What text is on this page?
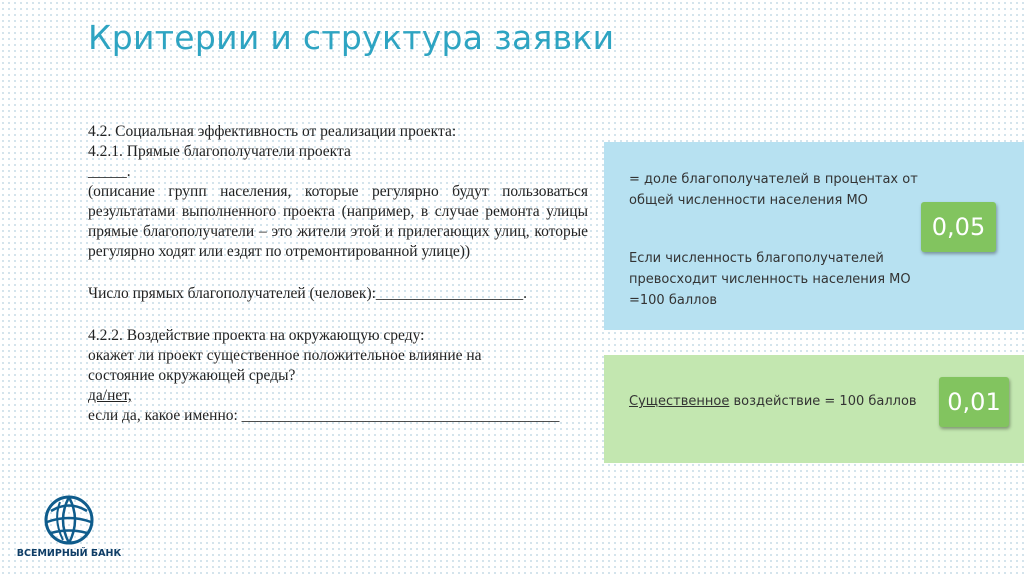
Критерии и структура заявки
4.2. Социальная эффективность от реализации проекта:
4.2.1. Прямые благополучатели проекта
_____.
(описание групп населения, которые регулярно будут пользоваться результатами выполненного проекта (например, в случае ремонта улицы прямые благополучатели – это жители этой и прилегающих улиц, которые регулярно ходят или ездят по отремонтированной улице))
Число прямых благополучателей (человек):___________________.
4.2.2. Воздействие проекта на окружающую среду:
окажет ли проект существенное положительное влияние на
состояние окружающей среды?
да/нет,
если да, какое именно: _________________________________________
= доле благополучателей в процентах от общей численности населения МО
Если численность благополучателей превосходит численность населения МО =100 баллов
0,05
Существенное воздействие = 100 баллов	0,01
ВСЕМИРНЫЙ БАНК
